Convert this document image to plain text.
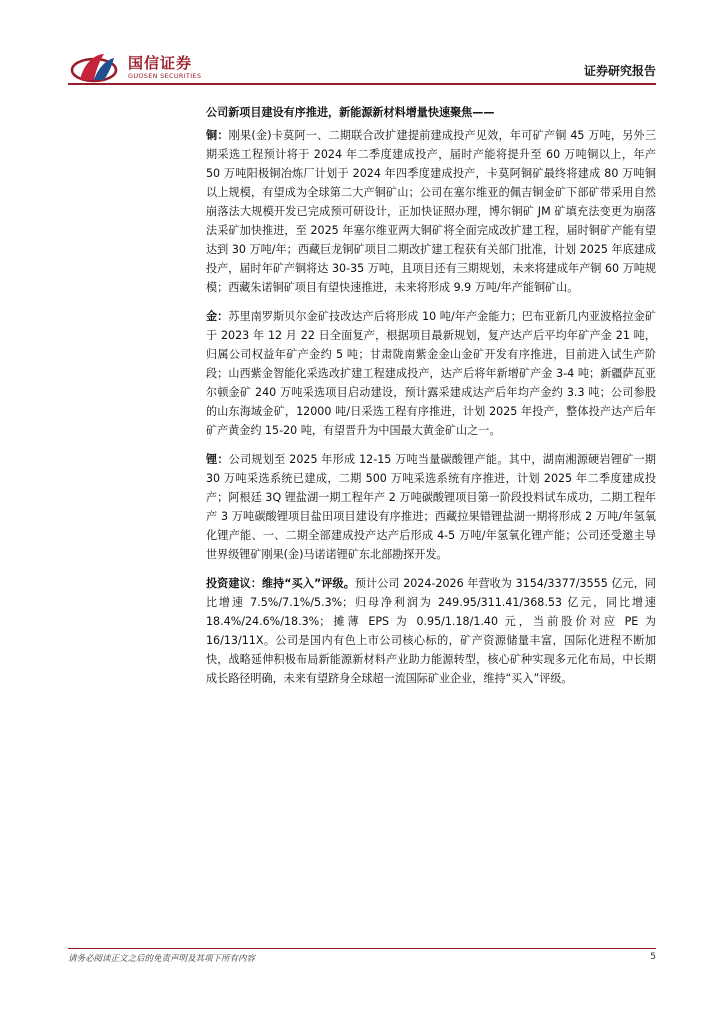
国信证券
GUOSEN SECURITIES	证券研究报告

公司新项目建设有序推进，新能源新材料增量快速聚焦——

铜：刚果(金)卡莫阿一、二期联合改扩建提前建成投产见效，年可矿产铜 45 万吨，另外三期采选工程预计将于 2024 年二季度建成投产，届时产能将提升至 60 万吨铜以上，年产 50 万吨阳极铜冶炼厂计划于 2024 年四季度建成投产，卡莫阿铜矿最终将建成 80 万吨铜以上规模，有望成为全球第二大产铜矿山；公司在塞尔维亚的佩吉铜金矿下部矿带采用自然崩落法大规模开发已完成预可研设计，正加快证照办理，博尔铜矿 JM 矿填充法变更为崩落法采矿加快推进，至 2025 年塞尔维亚两大铜矿将全面完成改扩建工程，届时铜矿产能有望达到 30 万吨/年；西藏巨龙铜矿项目二期改扩建工程获有关部门批准，计划 2025 年底建成投产，届时年矿产铜将达 30-35 万吨，且项目还有三期规划，未来将建成年产铜 60 万吨规模；西藏朱诺铜矿项目有望快速推进，未来将形成 9.9 万吨/年产能铜矿山。

金：苏里南罗斯贝尔金矿技改达产后将形成 10 吨/年产金能力；巴布亚新几内亚波格拉金矿于 2023 年 12 月 22 日全面复产，根据项目最新规划，复产达产后平均年矿产金 21 吨，归属公司权益年矿产金约 5 吨；甘肃陇南紫金金山金矿开发有序推进，目前进入试生产阶段；山西紫金智能化采选改扩建工程建成投产，达产后将年新增矿产金 3-4 吨；新疆萨瓦亚尔顿金矿 240 万吨采选项目启动建设，预计露采建成达产后年均产金约 3.3 吨；公司参股的山东海域金矿，12000 吨/日采选工程有序推进，计划 2025 年投产，整体投产达产后年矿产黄金约 15-20 吨，有望晋升为中国最大黄金矿山之一。

锂：公司规划至 2025 年形成 12-15 万吨当量碳酸锂产能。其中，湖南湘源硬岩锂矿一期 30 万吨采选系统已建成，二期 500 万吨采选系统有序推进，计划 2025 年二季度建成投产；阿根廷 3Q 锂盐湖一期工程年产 2 万吨碳酸锂项目第一阶段投料试车成功，二期工程年产 3 万吨碳酸锂项目盐田项目建设有序推进；西藏拉果错锂盐湖一期将形成 2 万吨/年氢氧化锂产能、一、二期全部建成投产达产后形成 4-5 万吨/年氢氧化锂产能；公司还受邀主导世界级锂矿刚果(金)马诺诺锂矿东北部勘探开发。

投资建议：维持“买入”评级。预计公司 2024-2026 年营收为 3154/3377/3555 亿元，同比增速 7.5%/7.1%/5.3%；归母净利润为 249.95/311.41/368.53 亿元，同比增速 18.4%/24.6%/18.3%；摊薄 EPS 为 0.95/1.18/1.40 元，当前股价对应 PE 为 16/13/11X。公司是国内有色上市公司核心标的，矿产资源储量丰富，国际化进程不断加快，战略延伸积极布局新能源新材料产业助力能源转型，核心矿种实现多元化布局，中长期成长路径明确，未来有望跻身全球超一流国际矿业企业，维持“买入”评级。

请务必阅读正文之后的免责声明及其项下所有内容	5
